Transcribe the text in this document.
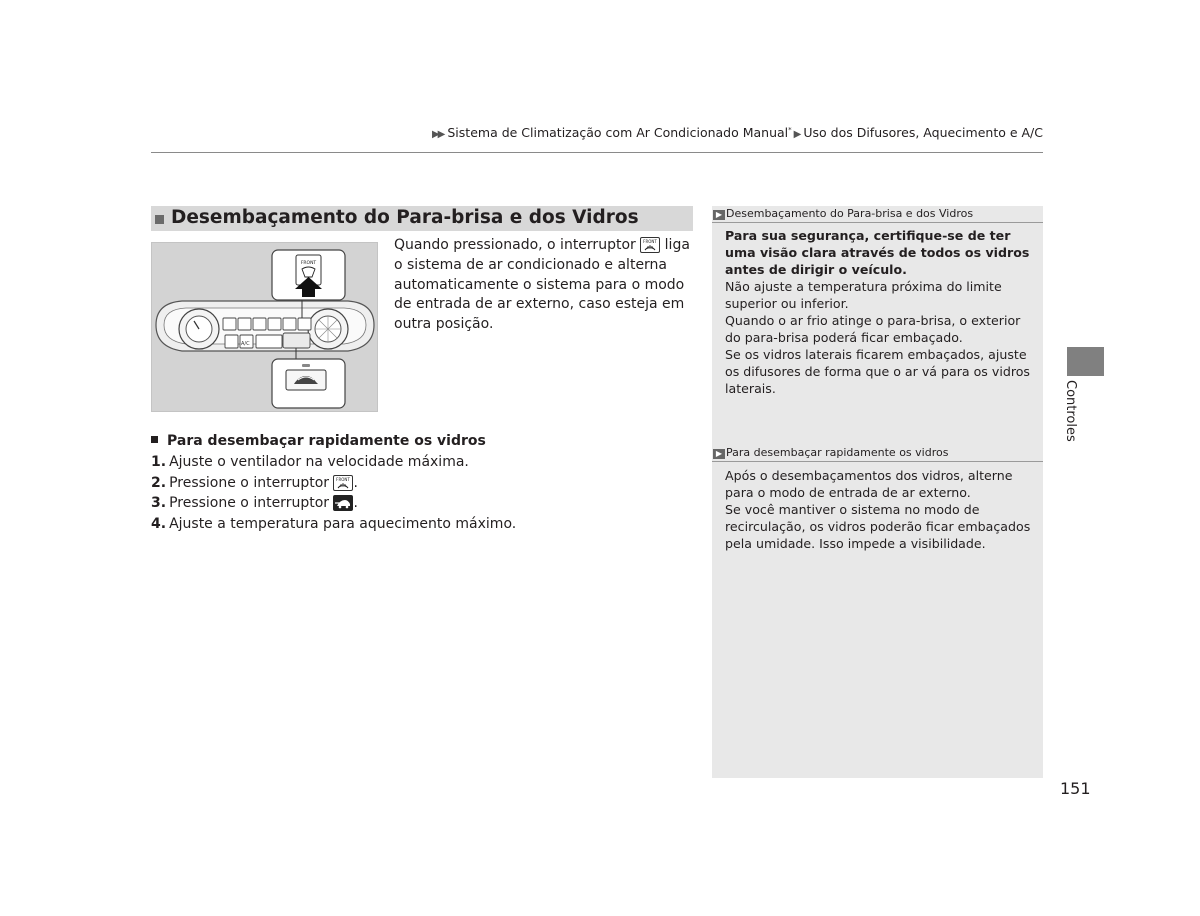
▶▶ Sistema de Climatização com Ar Condicionado Manual* ▶ Uso dos Difusores, Aquecimento e A/C
Desembaçamento do Para-brisa e dos Vidros
A/C
FRONT
Quando pressionado, o interruptor FRONT liga o sistema de ar condicionado e alterna automaticamente o sistema para o modo de entrada de ar externo, caso esteja em outra posição.
Para desembaçar rapidamente os vidros
1. Ajuste o ventilador na velocidade máxima.
2. Pressione o interruptor FRONT .
3. Pressione o interruptor .
4. Ajuste a temperatura para aquecimento máximo.
▶ Desembaçamento do Para-brisa e dos Vidros
Para sua segurança, certifique-se de ter uma visão clara através de todos os vidros antes de dirigir o veículo.
Não ajuste a temperatura próxima do limite superior ou inferior.
Quando o ar frio atinge o para-brisa, o exterior do para-brisa poderá ficar embaçado.
Se os vidros laterais ficarem embaçados, ajuste os difusores de forma que o ar vá para os vidros laterais.
▶ Para desembaçar rapidamente os vidros
Após o desembaçamentos dos vidros, alterne para o modo de entrada de ar externo.
Se você mantiver o sistema no modo de recirculação, os vidros poderão ficar embaçados pela umidade. Isso impede a visibilidade.
Controles
151
